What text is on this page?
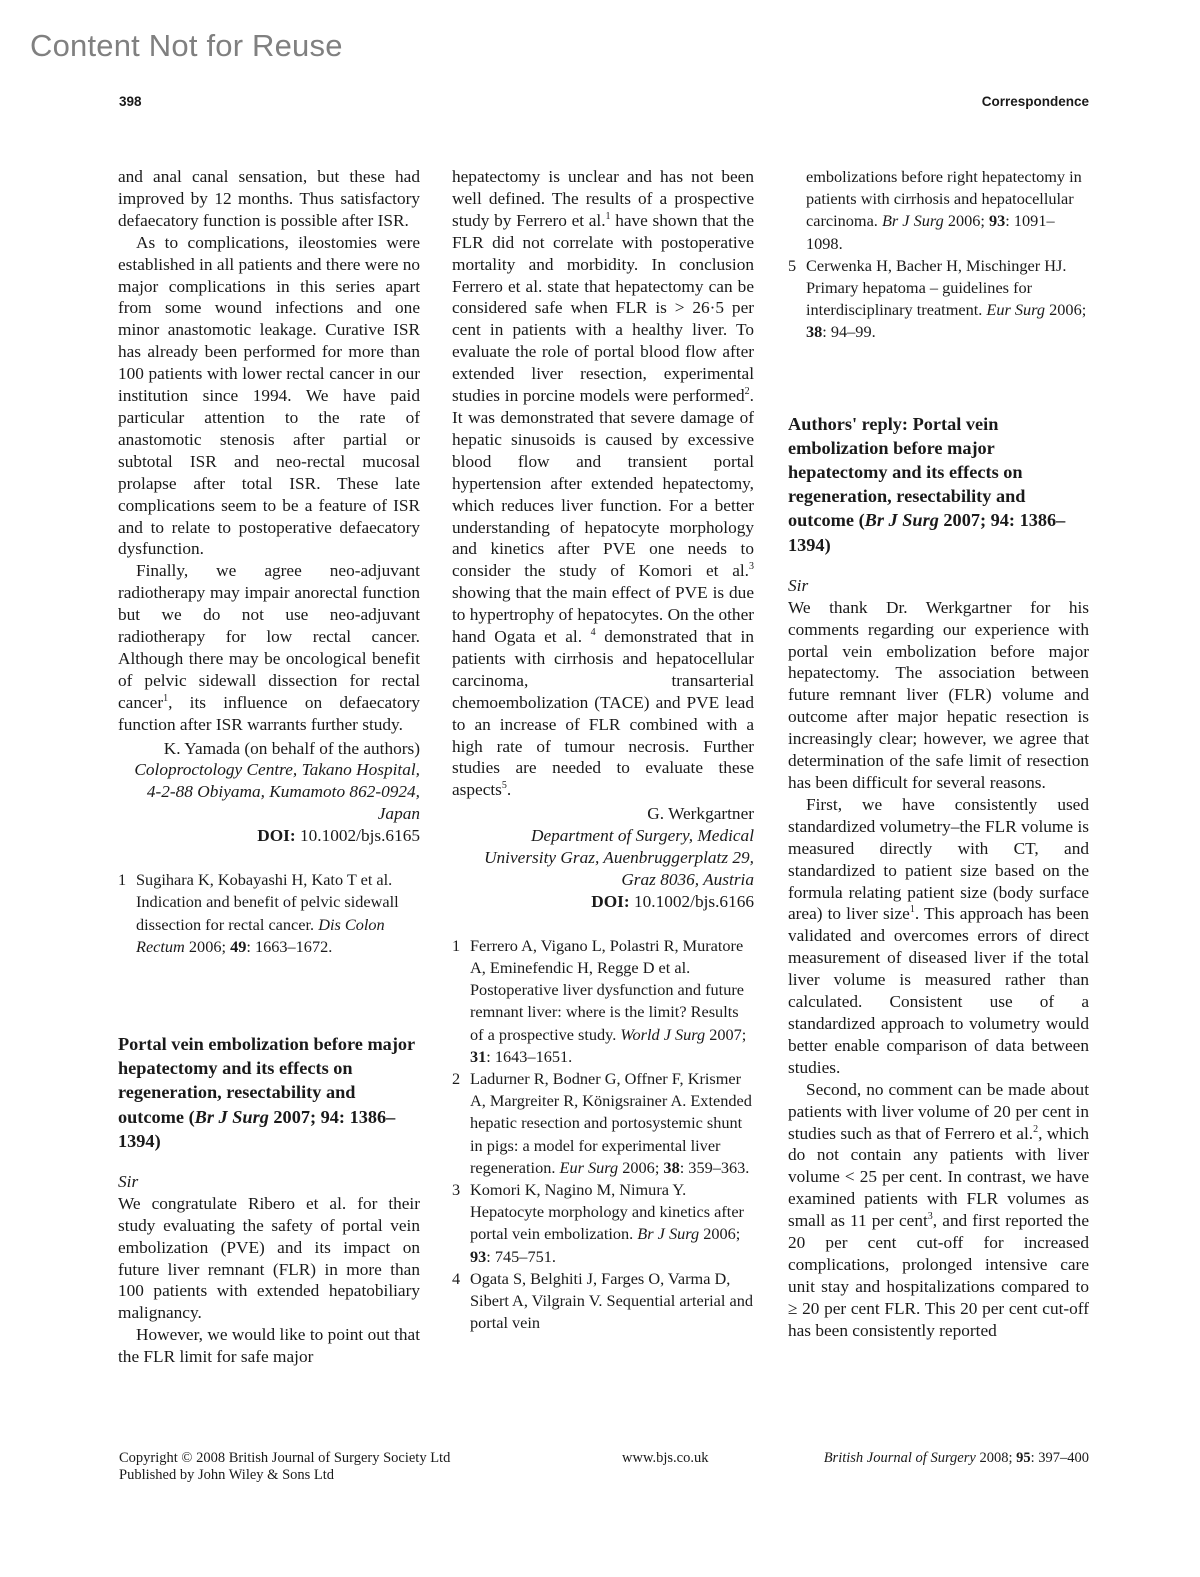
Content Not for Reuse
398	Correspondence

and anal canal sensation, but these had improved by 12 months. Thus satisfactory defaecatory function is possible after ISR.

As to complications, ileostomies were established in all patients and there were no major complications in this series apart from some wound infections and one minor anastomotic leakage. Curative ISR has already been performed for more than 100 patients with lower rectal cancer in our institution since 1994. We have paid particular attention to the rate of anastomotic stenosis after partial or subtotal ISR and neo-rectal mucosal prolapse after total ISR. These late complications seem to be a feature of ISR and to relate to postoperative defaecatory dysfunction.

Finally, we agree neo-adjuvant radiotherapy may impair anorectal function but we do not use neo-adjuvant radiotherapy for low rectal cancer. Although there may be oncological benefit of pelvic sidewall dissection for rectal cancer$^1$, its influence on defaecatory function after ISR warrants further study.

K. Yamada (on behalf of the authors)

Coloproctology Centre, Takano Hospital,

4-2-88 Obiyama, Kumamoto 862-0924,

Japan

DOI: 10.1002/bjs.6165

1 Sugihara K, Kobayashi H, Kato T et al. Indication and benefit of pelvic sidewall dissection for rectal cancer. Dis Colon Rectum 2006; 49: 1663–1672.
Portal vein embolization before major hepatectomy and its effects on regeneration, resectability and outcome (Br J Surg 2007; 94: 1386–1394)

Sir

We congratulate Ribero et al. for their study evaluating the safety of portal vein embolization (PVE) and its impact on future liver remnant (FLR) in more than 100 patients with extended hepatobiliary malignancy.

However, we would like to point out that the FLR limit for safe major

hepatectomy is unclear and has not been well defined. The results of a prospective study by Ferrero et al.$^1$ have shown that the FLR did not correlate with postoperative mortality and morbidity. In conclusion Ferrero et al. state that hepatectomy can be considered safe when FLR is > 26·5 per cent in patients with a healthy liver. To evaluate the role of portal blood flow after extended liver resection, experimental studies in porcine models were performed$^2$. It was demonstrated that severe damage of hepatic sinusoids is caused by excessive blood flow and transient portal hypertension after extended hepatectomy, which reduces liver function. For a better understanding of hepatocyte morphology and kinetics after PVE one needs to consider the study of Komori et al.$^3$ showing that the main effect of PVE is due to hypertrophy of hepatocytes. On the other hand Ogata et al. $^4$ demonstrated that in patients with cirrhosis and hepatocellular carcinoma, transarterial chemoembolization (TACE) and PVE lead to an increase of FLR combined with a high rate of tumour necrosis. Further studies are needed to evaluate these aspects$^5$.

G. Werkgartner

Department of Surgery, Medical

University Graz, Auenbruggerplatz 29,

Graz 8036, Austria

DOI: 10.1002/bjs.6166

1 Ferrero A, Vigano L, Polastri R, Muratore A, Eminefendic H, Regge D et al. Postoperative liver dysfunction and future remnant liver: where is the limit? Results of a prospective study. World J Surg 2007; 31: 1643–1651.
2 Ladurner R, Bodner G, Offner F, Krismer A, Margreiter R, Königsrainer A. Extended hepatic resection and portosystemic shunt in pigs: a model for experimental liver regeneration. Eur Surg 2006; 38: 359–363.
3 Komori K, Nagino M, Nimura Y. Hepatocyte morphology and kinetics after portal vein embolization. Br J Surg 2006; 93: 745–751.
4 Ogata S, Belghiti J, Farges O, Varma D, Sibert A, Vilgrain V. Sequential arterial and portal vein
embolizations before right hepatectomy in patients with cirrhosis and hepatocellular carcinoma. Br J Surg 2006; 93: 1091–1098.
5 Cerwenka H, Bacher H, Mischinger HJ. Primary hepatoma – guidelines for interdisciplinary treatment. Eur Surg 2006; 38: 94–99.
Authors' reply: Portal vein embolization before major hepatectomy and its effects on regeneration, resectability and outcome (Br J Surg 2007; 94: 1386–1394)

Sir

We thank Dr. Werkgartner for his comments regarding our experience with portal vein embolization before major hepatectomy. The association between future remnant liver (FLR) volume and outcome after major hepatic resection is increasingly clear; however, we agree that determination of the safe limit of resection has been difficult for several reasons.

First, we have consistently used standardized volumetry–the FLR volume is measured directly with CT, and standardized to patient size based on the formula relating patient size (body surface area) to liver size$^1$. This approach has been validated and overcomes errors of direct measurement of diseased liver if the total liver volume is measured rather than calculated. Consistent use of a standardized approach to volumetry would better enable comparison of data between studies.

Second, no comment can be made about patients with liver volume of 20 per cent in studies such as that of Ferrero et al.$^2$, which do not contain any patients with liver volume < 25 per cent. In contrast, we have examined patients with FLR volumes as small as 11 per cent$^3$, and first reported the 20 per cent cut-off for increased complications, prolonged intensive care unit stay and hospitalizations compared to ≥ 20 per cent FLR. This 20 per cent cut-off has been consistently reported

Copyright © 2008 British Journal of Surgery Society Ltd
Published by John Wiley & Sons Ltd
www.bjs.co.uk	British Journal of Surgery 2008; 95: 397–400
